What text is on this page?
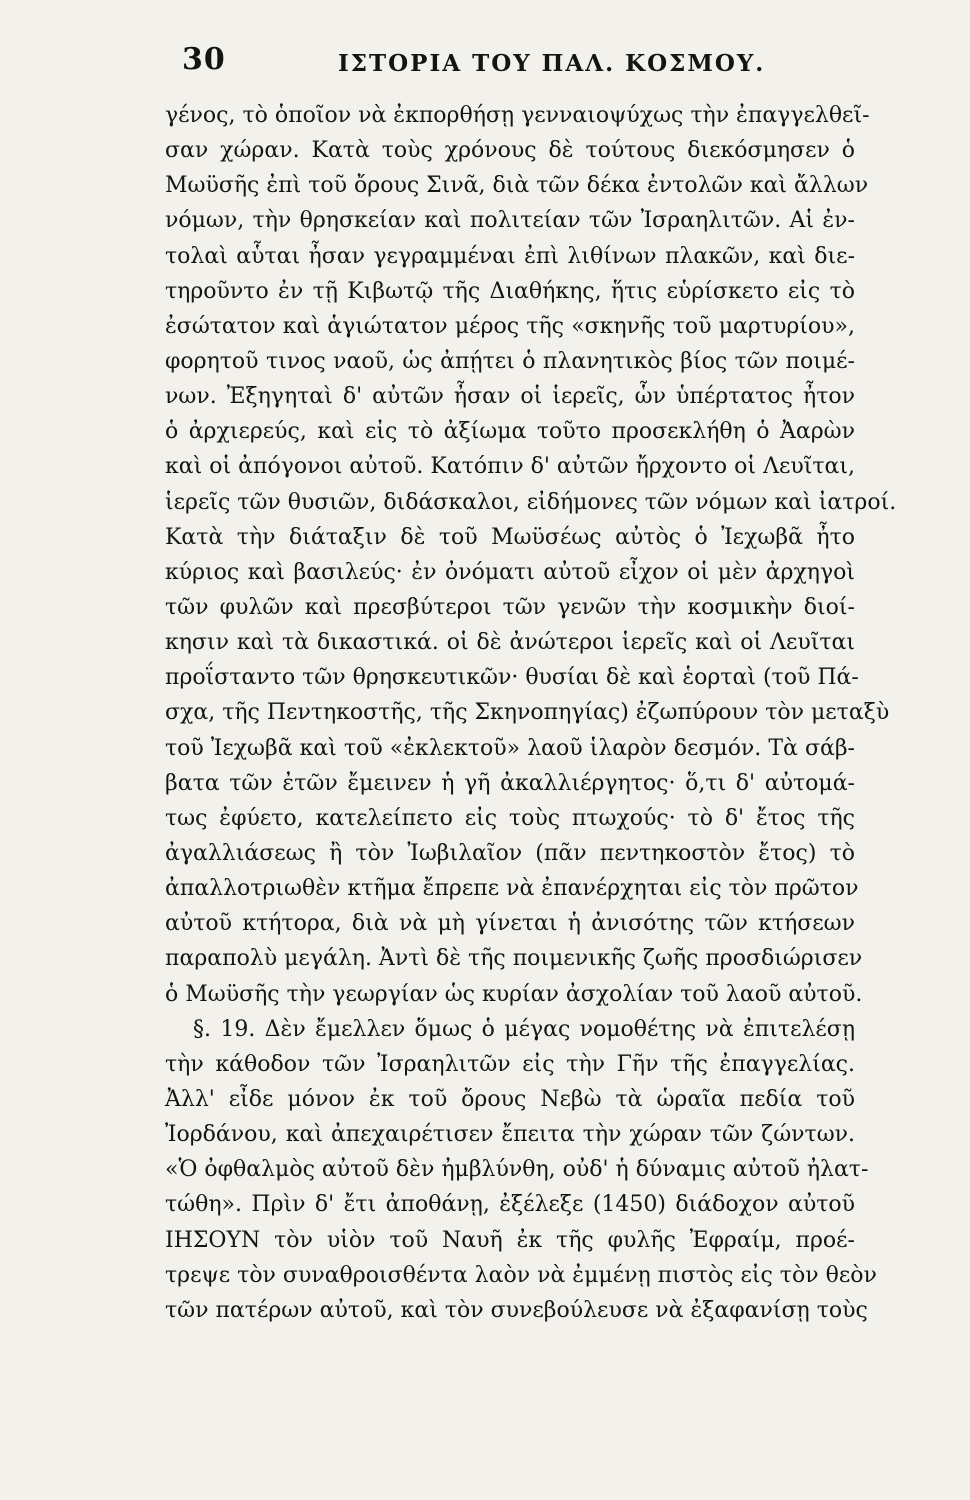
30	ΙΣΤΟΡΙΑ ΤΟΥ ΠΑΛ. ΚΟΣΜΟΥ.
γένος, τὸ ὁποῖον νὰ ἐκπορθήσῃ γενναιοψύχως τὴν ἐπαγγελθεῖ-
σαν χώραν. Κατὰ τοὺς χρόνους δὲ τούτους διεκόσμησεν ὁ
Μωϋσῆς ἐπὶ τοῦ ὄρους Σινᾶ, διὰ τῶν δέκα ἐντολῶν καὶ ἄλλων
νόμων, τὴν θρησκείαν καὶ πολιτείαν τῶν Ἰσραηλιτῶν. Αἱ ἐν-
τολαὶ αὗται ἦσαν γεγραμμέναι ἐπὶ λιθίνων πλακῶν, καὶ διε-
τηροῦντο ἐν τῇ Κιβωτῷ τῆς Διαθήκης, ἥτις εὑρίσκετο εἰς τὸ
ἐσώτατον καὶ ἁγιώτατον μέρος τῆς «σκηνῆς τοῦ μαρτυρίου»,
φορητοῦ τινος ναοῦ, ὡς ἀπῄτει ὁ πλανητικὸς βίος τῶν ποιμέ-
νων. Ἐξηγηταὶ δ' αὐτῶν ἦσαν οἱ ἱερεῖς, ὧν ὑπέρτατος ἦτον
ὁ ἀρχιερεύς, καὶ εἰς τὸ ἀξίωμα τοῦτο προσεκλήθη ὁ Ἀαρὼν
καὶ οἱ ἀπόγονοι αὐτοῦ. Κατόπιν δ' αὐτῶν ἤρχοντο οἱ Λευῖται,
ἱερεῖς τῶν θυσιῶν, διδάσκαλοι, εἰδήμονες τῶν νόμων καὶ ἰατροί.
Κατὰ τὴν διάταξιν δὲ τοῦ Μωϋσέως αὐτὸς ὁ Ἰεχωβᾶ ἦτο
κύριος καὶ βασιλεύς· ἐν ὀνόματι αὐτοῦ εἶχον οἱ μὲν ἀρχηγοὶ
τῶν φυλῶν καὶ πρεσβύτεροι τῶν γενῶν τὴν κοσμικὴν διοί-
κησιν καὶ τὰ δικαστικά. οἱ δὲ ἀνώτεροι ἱερεῖς καὶ οἱ Λευῖται
προΐσταντο τῶν θρησκευτικῶν· θυσίαι δὲ καὶ ἑορταὶ (τοῦ Πά-
σχα, τῆς Πεντηκοστῆς, τῆς Σκηνοπηγίας) ἐζωπύρουν τὸν μεταξὺ
τοῦ Ἰεχωβᾶ καὶ τοῦ «ἐκλεκτοῦ» λαοῦ ἱλαρὸν δεσμόν. Τὰ σάβ-
βατα τῶν ἐτῶν ἔμεινεν ἡ γῆ ἀκαλλιέργητος· ὅ,τι δ' αὐτομά-
τως ἐφύετο, κατελείπετο εἰς τοὺς πτωχούς· τὸ δ' ἔτος τῆς
ἀγαλλιάσεως ἢ τὸν Ἰωβιλαῖον (πᾶν πεντηκοστὸν ἔτος) τὸ
ἀπαλλοτριωθὲν κτῆμα ἔπρεπε νὰ ἐπανέρχηται εἰς τὸν πρῶτον
αὐτοῦ κτήτορα, διὰ νὰ μὴ γίνεται ἡ ἀνισότης τῶν κτήσεων
παραπολὺ μεγάλη. Ἀντὶ δὲ τῆς ποιμενικῆς ζωῆς προσδιώρισεν
ὁ Μωϋσῆς τὴν γεωργίαν ὡς κυρίαν ἀσχολίαν τοῦ λαοῦ αὐτοῦ.
§. 19. Δὲν ἔμελλεν ὅμως ὁ μέγας νομοθέτης νὰ ἐπιτελέσῃ
τὴν κάθοδον τῶν Ἰσραηλιτῶν εἰς τὴν Γῆν τῆς ἐπαγγελίας.
Ἀλλ' εἶδε μόνον ἐκ τοῦ ὄρους Νεβὼ τὰ ὡραῖα πεδία τοῦ
Ἰορδάνου, καὶ ἀπεχαιρέτισεν ἔπειτα τὴν χώραν τῶν ζώντων.
«Ὁ ὀφθαλμὸς αὐτοῦ δὲν ἠμβλύνθη, οὐδ' ἡ δύναμις αὐτοῦ ἠλατ-
τώθη». Πρὶν δ' ἔτι ἀποθάνῃ, ἐξέλεξε (1450) διάδοχον αὐτοῦ
ΙΗΣΟΥΝ τὸν υἱὸν τοῦ Ναυῆ ἐκ τῆς φυλῆς Ἐφραίμ, προέ-
τρεψε τὸν συναθροισθέντα λαὸν νὰ ἐμμένῃ πιστὸς εἰς τὸν θεὸν
τῶν πατέρων αὐτοῦ, καὶ τὸν συνεβούλευσε νὰ ἐξαφανίσῃ τοὺς
